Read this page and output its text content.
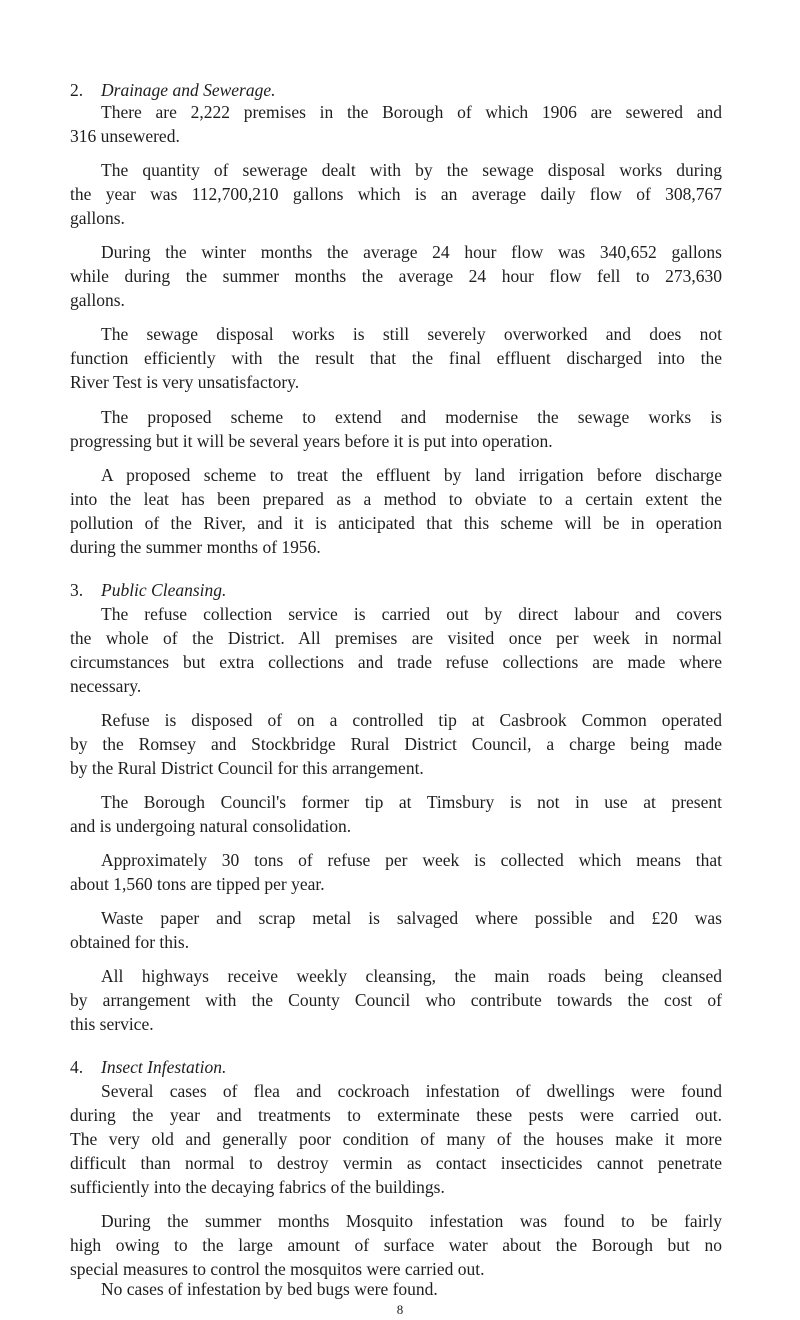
2. Drainage and Sewerage.
There are 2,222 premises in the Borough of which 1906 are sewered and
316 unsewered.
The quantity of sewerage dealt with by the sewage disposal works during
the year was 112,700,210 gallons which is an average daily flow of 308,767
gallons.
During the winter months the average 24 hour flow was 340,652 gallons
while during the summer months the average 24 hour flow fell to 273,630
gallons.
The sewage disposal works is still severely overworked and does not
function efficiently with the result that the final effluent discharged into the
River Test is very unsatisfactory.
The proposed scheme to extend and modernise the sewage works is
progressing but it will be several years before it is put into operation.
A proposed scheme to treat the effluent by land irrigation before discharge
into the leat has been prepared as a method to obviate to a certain extent the
pollution of the River, and it is anticipated that this scheme will be in operation
during the summer months of 1956.
3. Public Cleansing.
The refuse collection service is carried out by direct labour and covers
the whole of the District. All premises are visited once per week in normal
circumstances but extra collections and trade refuse collections are made where
necessary.
Refuse is disposed of on a controlled tip at Casbrook Common operated
by the Romsey and Stockbridge Rural District Council, a charge being made
by the Rural District Council for this arrangement.
The Borough Council's former tip at Timsbury is not in use at present
and is undergoing natural consolidation.
Approximately 30 tons of refuse per week is collected which means that
about 1,560 tons are tipped per year.
Waste paper and scrap metal is salvaged where possible and £20 was
obtained for this.
All highways receive weekly cleansing, the main roads being cleansed
by arrangement with the County Council who contribute towards the cost of
this service.
4. Insect Infestation.
Several cases of flea and cockroach infestation of dwellings were found
during the year and treatments to exterminate these pests were carried out.
The very old and generally poor condition of many of the houses make it more
difficult than normal to destroy vermin as contact insecticides cannot penetrate
sufficiently into the decaying fabrics of the buildings.
During the summer months Mosquito infestation was found to be fairly
high owing to the large amount of surface water about the Borough but no
special measures to control the mosquitos were carried out.
No cases of infestation by bed bugs were found.
8
